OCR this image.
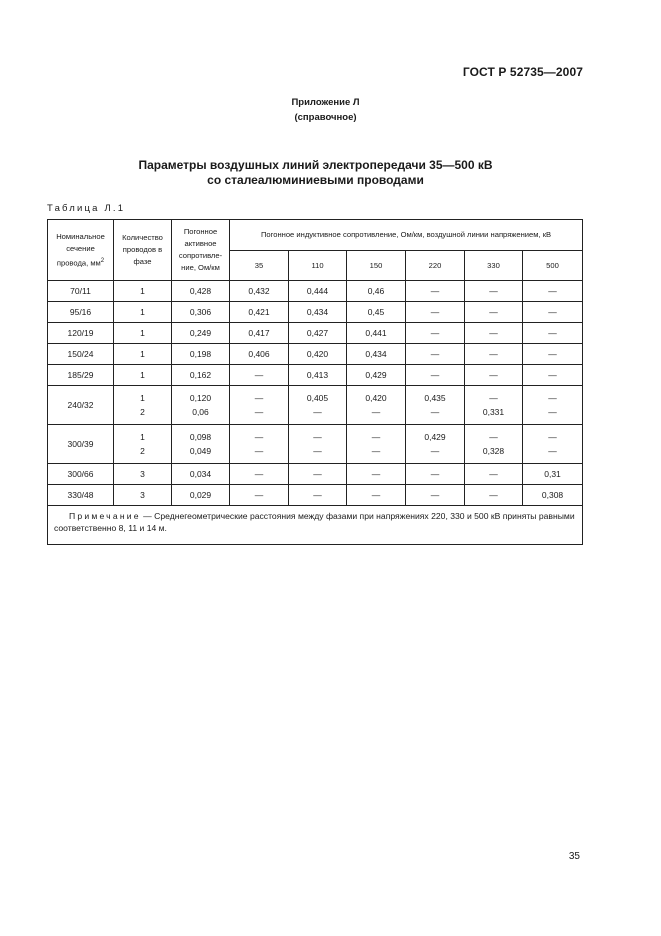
ГОСТ Р 52735—2007
Приложение Л
(справочное)
Параметры воздушных линий электропередачи 35—500 кВ
со сталеалюминиевыми проводами
Таблица Л.1
Номинальное сечение провода, $мм^2$	Количество проводов в фазе	Погонное активное сопротивле-ние, Ом/км	Погонное индуктивное сопротивление, Ом/км, воздушной линии напряжением, кВ					
			35	110	150	220	330	500
70/11	1	0,428	0,432	0,444	0,46	—	—	—
95/16	1	0,306	0,421	0,434	0,45	—	—	—
120/19	1	0,249	0,417	0,427	0,441	—	—	—
150/24	1	0,198	0,406	0,420	0,434	—	—	—
185/29	1	0,162	—	0,413	0,429	—	—	—
240/32	1	0,120	—	0,405	0,420	0,435	—	—
	2	0,06	—	—	—	—	0,331	—
300/39	1	0,098	—	—	—	0,429	—	—
	2	0,049	—	—	—	—	0,328	—
300/66	3	0,034	—	—	—	—	—	0,31
330/48	3	0,029	—	—	—	—	—	0,308
Примечание — Среднегеометрические расстояния между фазами при напряжениях 220, 330 и 500 кВ приняты равными соответственно 8, 11 и 14 м.								
35
